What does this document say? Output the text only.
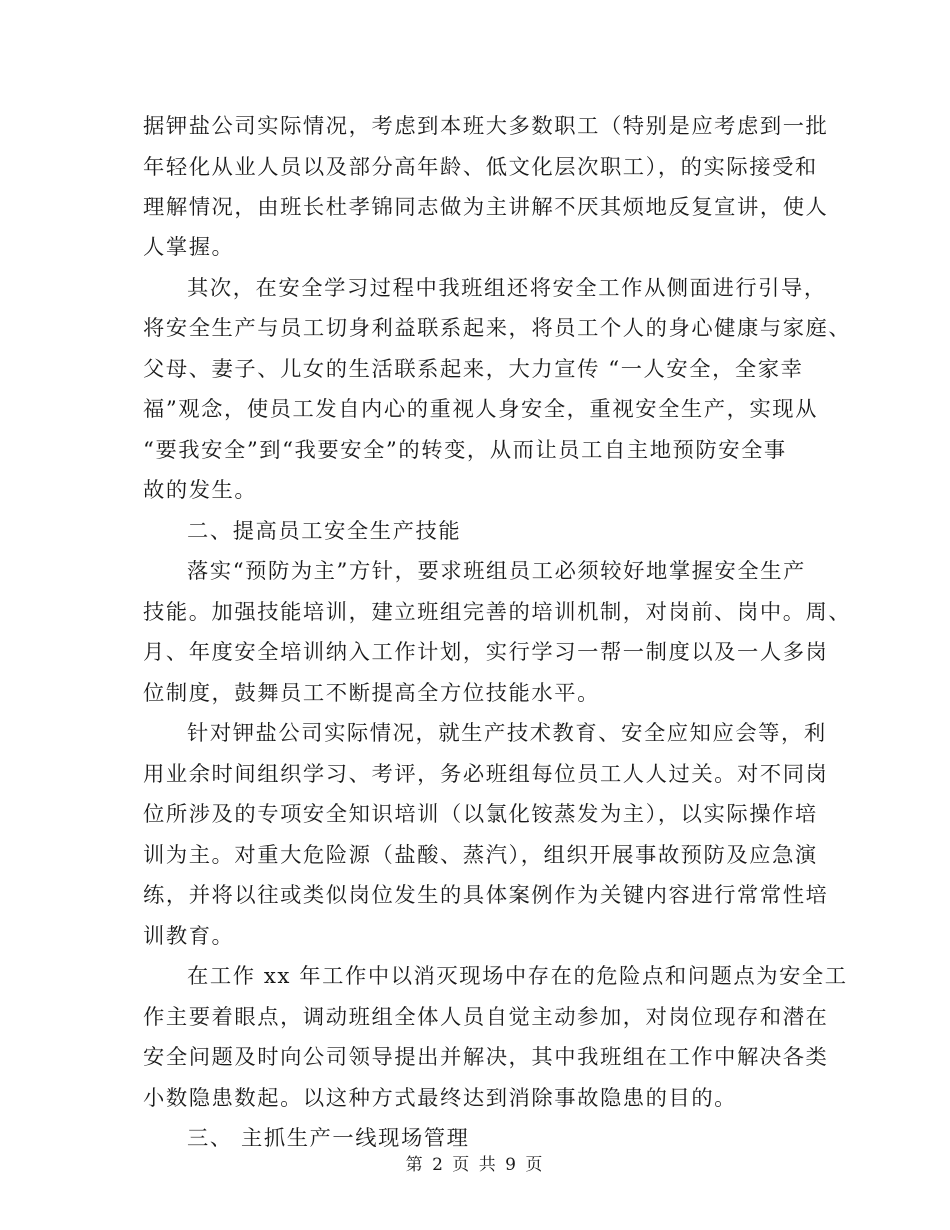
据钾盐公司实际情况，考虑到本班大多数职工（特别是应考虑到一批
年轻化从业人员以及部分高年龄、低文化层次职工），的实际接受和
理解情况，由班长杜孝锦同志做为主讲解不厌其烦地反复宣讲，使人
人掌握。
其次，在安全学习过程中我班组还将安全工作从侧面进行引导，
将安全生产与员工切身利益联系起来，将员工个人的身心健康与家庭、
父母、妻子、儿女的生活联系起来，大力宣传 “一人安全，全家幸
福”观念，使员工发自内心的重视人身安全，重视安全生产，实现从
“要我安全”到“我要安全”的转变，从而让员工自主地预防安全事
故的发生。
二、提高员工安全生产技能
落实“预防为主”方针，要求班组员工必须较好地掌握安全生产
技能。加强技能培训，建立班组完善的培训机制，对岗前、岗中。周、
月、年度安全培训纳入工作计划，实行学习一帮一制度以及一人多岗
位制度，鼓舞员工不断提高全方位技能水平。
针对钾盐公司实际情况，就生产技术教育、安全应知应会等，利
用业余时间组织学习、考评，务必班组每位员工人人过关。对不同岗
位所涉及的专项安全知识培训（以氯化铵蒸发为主），以实际操作培
训为主。对重大危险源（盐酸、蒸汽），组织开展事故预防及应急演
练，并将以往或类似岗位发生的具体案例作为关键内容进行常常性培
训教育。
在工作 xx 年工作中以消灭现场中存在的危险点和问题点为安全工
作主要着眼点，调动班组全体人员自觉主动参加，对岗位现存和潜在
安全问题及时向公司领导提出并解决，其中我班组在工作中解决各类
小数隐患数起。以这种方式最终达到消除事故隐患的目的。
三、 主抓生产一线现场管理
第 2 页 共 9 页
